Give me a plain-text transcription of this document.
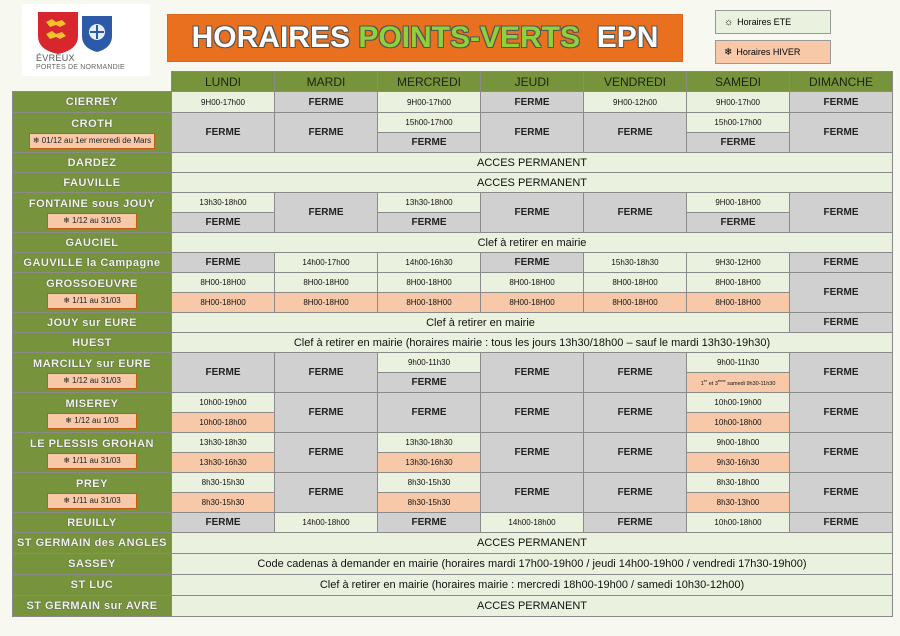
ÉVREUX
PORTES DE NORMANDIE
HORAIRES
POINTS-VERTS
EPN	☼ Horaires ETE
❄ Horaires HIVER
	LUNDI	MARDI	MERCREDI	JEUDI	VENDREDI	SAMEDI	DIMANCHE
CIERREY	9H00-17h00	FERME	9H00-17h00	FERME	9H00-12h00	9H00-17h00	FERME

CROTH
❄ 01/12 au 1er mercredi de Mars	FERME	FERME	15h00-17h00	FERME	FERME	15h00-17h00	FERME
			FERME			FERME	
DARDEZ	ACCES PERMANENT						
FAUVILLE	ACCES PERMANENT						

FONTAINE sous JOUY
❄ 1/12 au 31/03	13h30-18h00	FERME	13h30-18h00	FERME	FERME	9H00-18H00	FERME
	FERME		FERME			FERME	
GAUCIEL	Clef à retirer en mairie						
GAUVILLE la Campagne	FERME	14h00-17h00	14h00-16h30	FERME	15h30-18h30	9H30-12H00	FERME

GROSSOEUVRE
❄ 1/11 au 31/03	8H00-18H00	8H00-18H00	8H00-18H00	8H00-18H00	8H00-18H00	8H00-18H00	FERME
	8H00-18H00	8H00-18H00	8H00-18H00	8H00-18H00	8H00-18H00	8H00-18H00	
JOUY sur EURE	Clef à retirer en mairie						FERME
HUEST	Clef à retirer en mairie (horaires mairie : tous les jours 13h30/18h00 – sauf le mardi 13h30-19h30)						

MARCILLY sur EURE
❄ 1/12 au 31/03	FERME	FERME	9h00-11h30	FERME	FERME	9h00-11h30	FERME
			FERME			1er et 3ème samedi 9h30-11h30	

MISEREY
❄ 1/12 au 1/03	10h00-19h00	FERME	FERME	FERME	FERME	10h00-19h00	FERME
	10h00-18h00					10h00-18h00	

LE PLESSIS GROHAN
❄ 1/11 au 31/03	13h30-18h30	FERME	13h30-18h30	FERME	FERME	9h00-18h00	FERME
	13h30-16h30		13h30-16h30			9h30-16h30	

PREY
❄ 1/11 au 31/03	8h30-15h30	FERME	8h30-15h30	FERME	FERME	8h30-18h00	FERME
	8h30-15h30		8h30-15h30			8h30-13h00	
REUILLY	FERME	14h00-18h00	FERME	14h00-18h00	FERME	10h00-18h00	FERME
ST GERMAIN des ANGLES	ACCES PERMANENT						
SASSEY	Code cadenas à demander en mairie (horaires mardi 17h00-19h00 / jeudi 14h00-19h00 / vendredi 17h30-19h00)						
ST LUC	Clef à retirer en mairie (horaires mairie : mercredi 18h00-19h00 / samedi 10h30-12h00)						
ST GERMAIN sur AVRE	ACCES PERMANENT						
